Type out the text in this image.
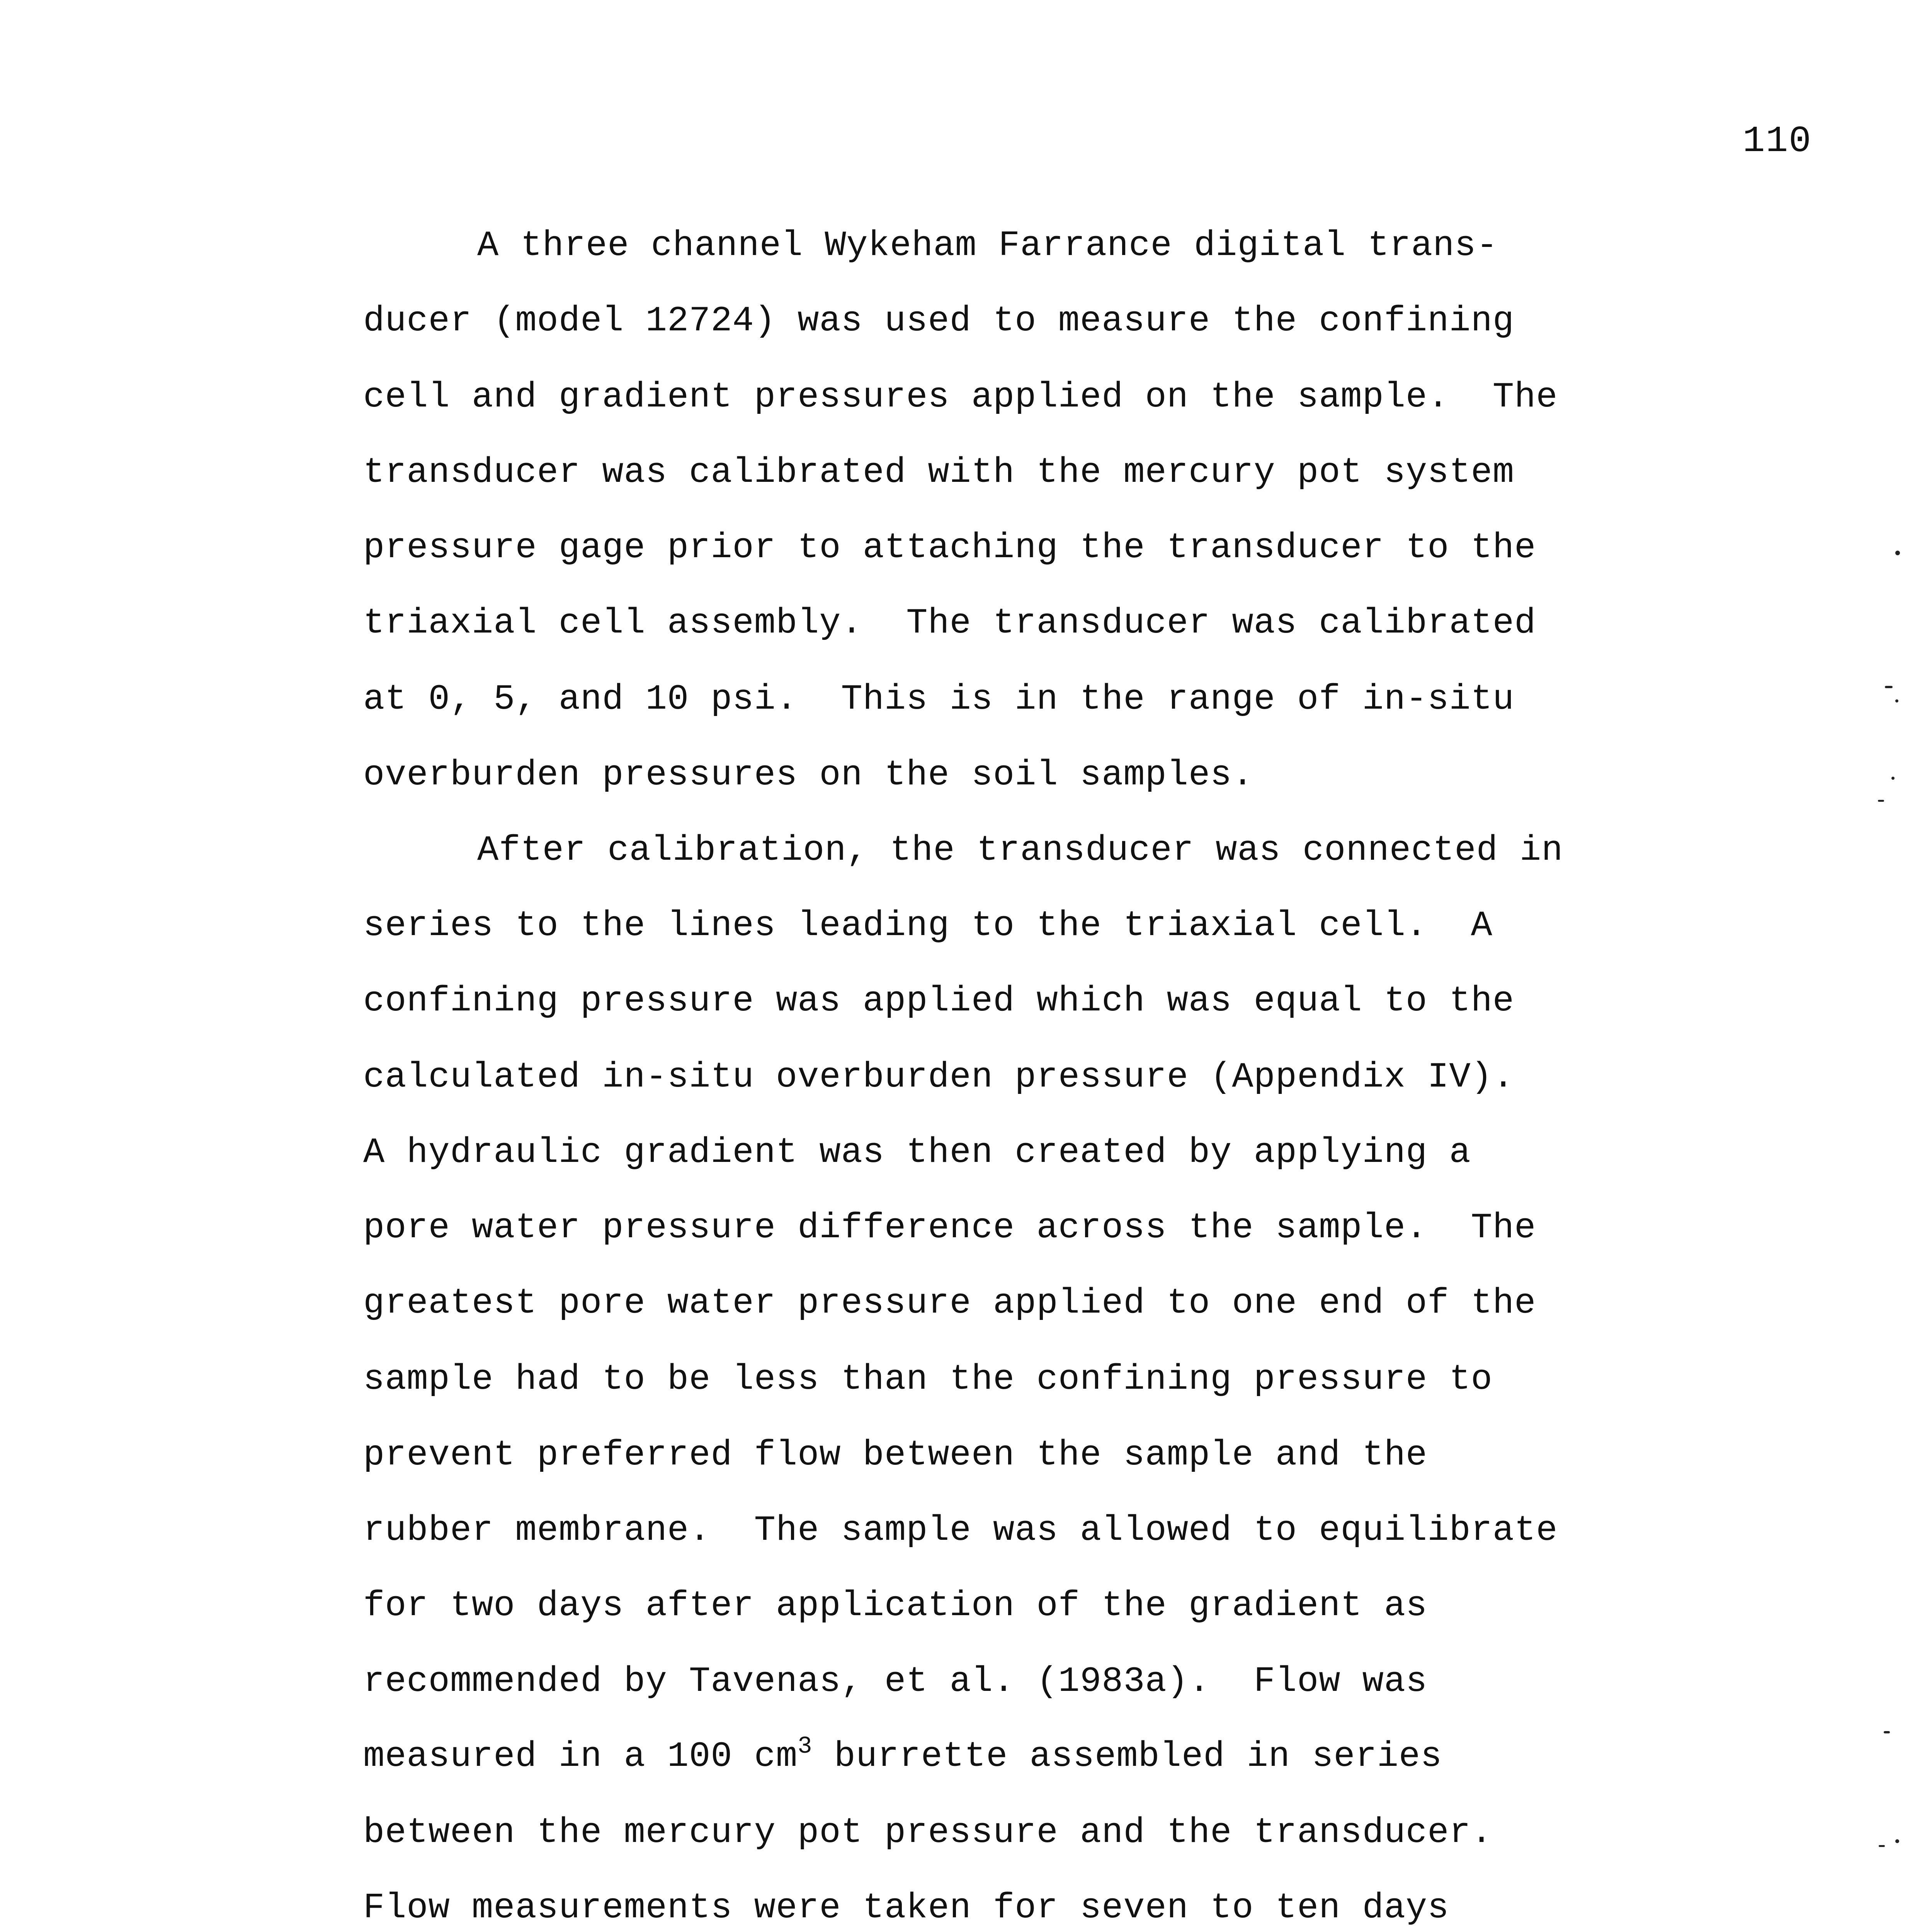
110
A three channel Wykeham Farrance digital trans-
ducer (model 12724) was used to measure the confining
cell and gradient pressures applied on the sample.  The
transducer was calibrated with the mercury pot system
pressure gage prior to attaching the transducer to the
triaxial cell assembly.  The transducer was calibrated
at 0, 5, and 10 psi.  This is in the range of in-situ
overburden pressures on the soil samples.
After calibration, the transducer was connected in
series to the lines leading to the triaxial cell.  A
confining pressure was applied which was equal to the
calculated in-situ overburden pressure (Appendix IV).
A hydraulic gradient was then created by applying a
pore water pressure difference across the sample.  The
greatest pore water pressure applied to one end of the
sample had to be less than the confining pressure to
prevent preferred flow between the sample and the
rubber membrane.  The sample was allowed to equilibrate
for two days after application of the gradient as
recommended by Tavenas, et al. (1983a).  Flow was
measured in a 100 $cm^3$ burrette assembled in series
between the mercury pot pressure and the transducer.
Flow measurements were taken for seven to ten days
